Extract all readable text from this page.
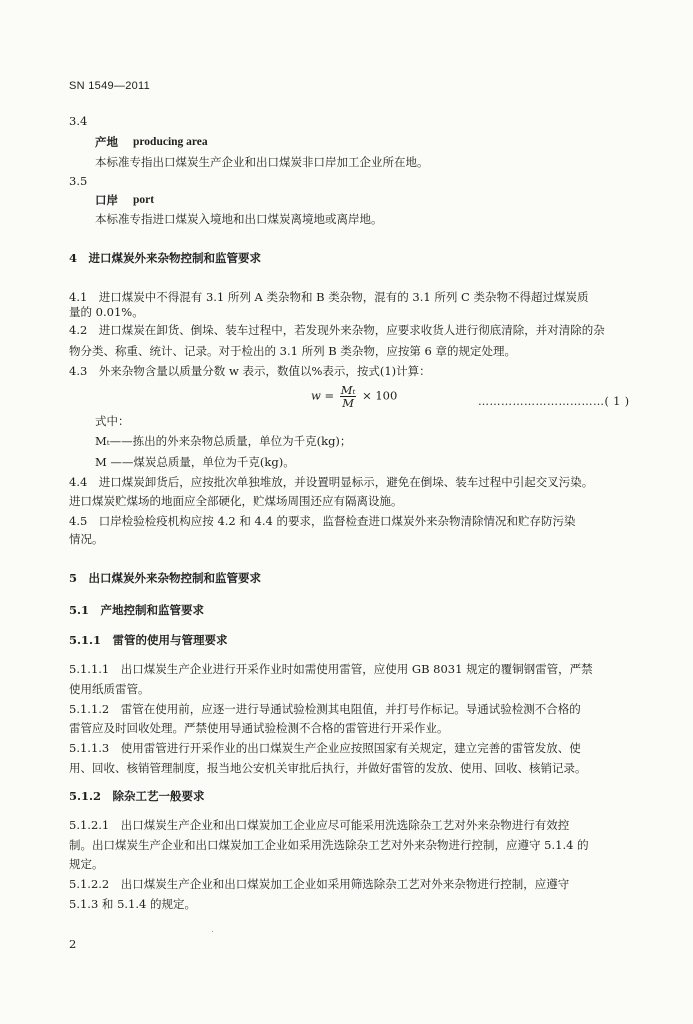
SN 1549—2011
3.4
产地 producing area
本标准专指出口煤炭生产企业和出口煤炭非口岸加工企业所在地。
3.5
口岸 port
本标准专指进口煤炭入境地和出口煤炭离境地或离岸地。
4　进口煤炭外来杂物控制和监管要求
4.1　进口煤炭中不得混有 3.1 所列 A 类杂物和 B 类杂物，混有的 3.1 所列 C 类杂物不得超过煤炭质
量的 0.01%。
4.2　进口煤炭在卸货、倒垛、装车过程中，若发现外来杂物，应要求收货人进行彻底清除，并对清除的杂
物分类、称重、统计、记录。对于检出的 3.1 所列 B 类杂物，应按第 6 章的规定处理。
4.3　外来杂物含量以质量分数 w 表示，数值以%表示，按式(1)计算：
$w = \frac{\text{Mₜ}}{M} \times 100$	……………………………( 1 )
式中：
Mₜ——拣出的外来杂物总质量，单位为千克(kg)；
M ——煤炭总质量，单位为千克(kg)。
4.4　进口煤炭卸货后，应按批次单独堆放，并设置明显标示，避免在倒垛、装车过程中引起交叉污染。
进口煤炭贮煤场的地面应全部硬化，贮煤场周围还应有隔离设施。
4.5　口岸检验检疫机构应按 4.2 和 4.4 的要求，监督检查进口煤炭外来杂物清除情况和贮存防污染
情况。
5　出口煤炭外来杂物控制和监管要求
5.1　产地控制和监管要求
5.1.1　雷管的使用与管理要求
5.1.1.1　出口煤炭生产企业进行开采作业时如需使用雷管，应使用 GB 8031 规定的覆铜钢雷管，严禁
使用纸质雷管。
5.1.1.2　雷管在使用前，应逐一进行导通试验检测其电阻值，并打号作标记。导通试验检测不合格的
雷管应及时回收处理。严禁使用导通试验检测不合格的雷管进行开采作业。
5.1.1.3　使用雷管进行开采作业的出口煤炭生产企业应按照国家有关规定，建立完善的雷管发放、使
用、回收、核销管理制度，报当地公安机关审批后执行，并做好雷管的发放、使用、回收、核销记录。
5.1.2　除杂工艺一般要求
5.1.2.1　出口煤炭生产企业和出口煤炭加工企业应尽可能采用洗选除杂工艺对外来杂物进行有效控
制。出口煤炭生产企业和出口煤炭加工企业如采用洗选除杂工艺对外来杂物进行控制，应遵守 5.1.4 的
规定。
5.1.2.2　出口煤炭生产企业和出口煤炭加工企业如采用筛选除杂工艺对外来杂物进行控制，应遵守
5.1.3 和 5.1.4 的规定。
2
